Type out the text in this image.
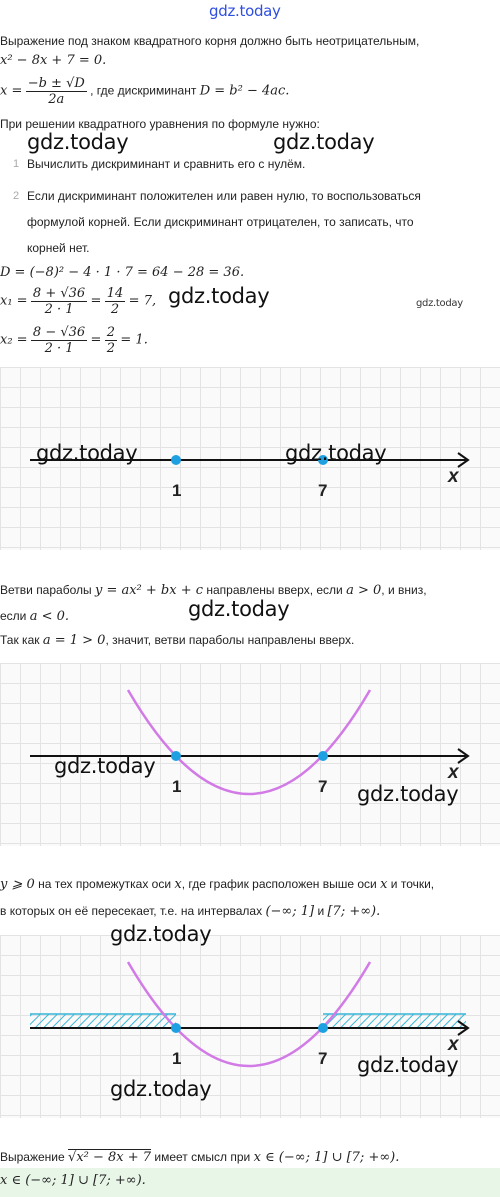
gdz.today
Выражение под знаком квадратного корня должно быть неотрицательным,
x² − 8x + 7 = 0.
$x = \frac{-b \pm √D}{2a}$ , где дискриминант D = b² − 4ac.
При решении квадратного уравнения по формуле нужно:
gdz.today	gdz.today
1 Вычислить дискриминант и сравнить его с нулём.
2 Если дискриминант положителен или равен нулю, то воспользоваться
формулой корней. Если дискриминант отрицателен, то записать, что
корней нет.
D = (−8)² − 4 · 1 · 7 = 64 − 28 = 36.
$x_1 = \frac{8 + √36}{2 \cdot 1} = \frac{14}{2} = 7$, gdz.today	gdz.today
$x_2 = \frac{8 - √36}{2 \cdot 1} = \frac{2}{2} = 1$.
gdz.today	gdz.today
1	7
x
Ветви параболы y = ax² + bx + c направлены вверх, если a > 0, и вниз,
если a < 0.	gdz.today
Так как a = 1 > 0, значит, ветви параболы направлены вверх.
gdz.today
gdz.today
1	7
x
y ⩾ 0 на тех промежутках оси x, где график расположен выше оси x и точки,
в которых он её пересекает, т.е. на интервалах (−∞; 1] и [7; +∞).
gdz.today
gdz.today
gdz.today
1	7
x
Выражение √x² − 8x + 7 имеет смысл при x ∈ (−∞; 1] ∪ [7; +∞).
x ∈ (−∞; 1] ∪ [7; +∞).
